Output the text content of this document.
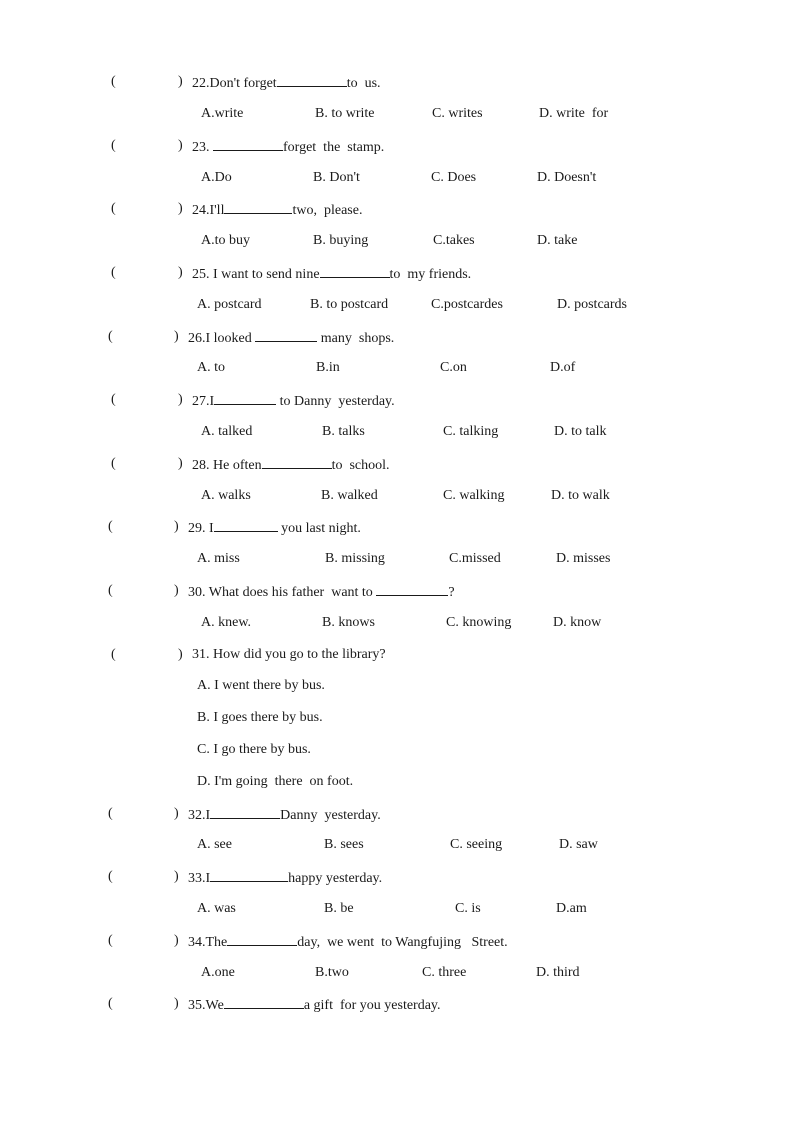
(	) 22.Don't forget	to  us.
A.write	B. to write	C. writes	D. write  for
(	) 23.	forget  the  stamp.
A.Do	B. Don't	C. Does	D. Doesn't
(	) 24.I'll	two,  please.
A.to buy	B. buying	C.takes	D. take
(	) 25. I want to send nine	to  my friends.
A. postcard	B. to postcard	C.postcardes	D. postcards
(	) 26.I looked	many  shops.
A. to	B.in	C.on	D.of
(	) 27.I	to Danny  yesterday.
A. talked	B. talks	C. talking	D. to talk
(	) 28. He often	to  school.
A. walks	B. walked	C. walking	D. to walk
(	) 29. I	you last night.
A. miss	B. missing	C.missed	D. misses
(	) 30. What does his father  want to	?
A. knew.	B. knows	C. knowing	D. know
(	) 31. How did you go to the library?
A. I went there by bus.
B. I goes there by bus.
C. I go there by bus.
D. I'm going  there  on foot.
(	) 32.I	Danny  yesterday.
A. see	B. sees	C. seeing	D. saw
(	) 33.I	happy yesterday.
A. was	B. be	C. is	D.am
(	) 34.The	day,  we went  to Wangfujing   Street.
A.one	B.two	C. three	D. third
(	) 35.We	a gift  for you yesterday.
